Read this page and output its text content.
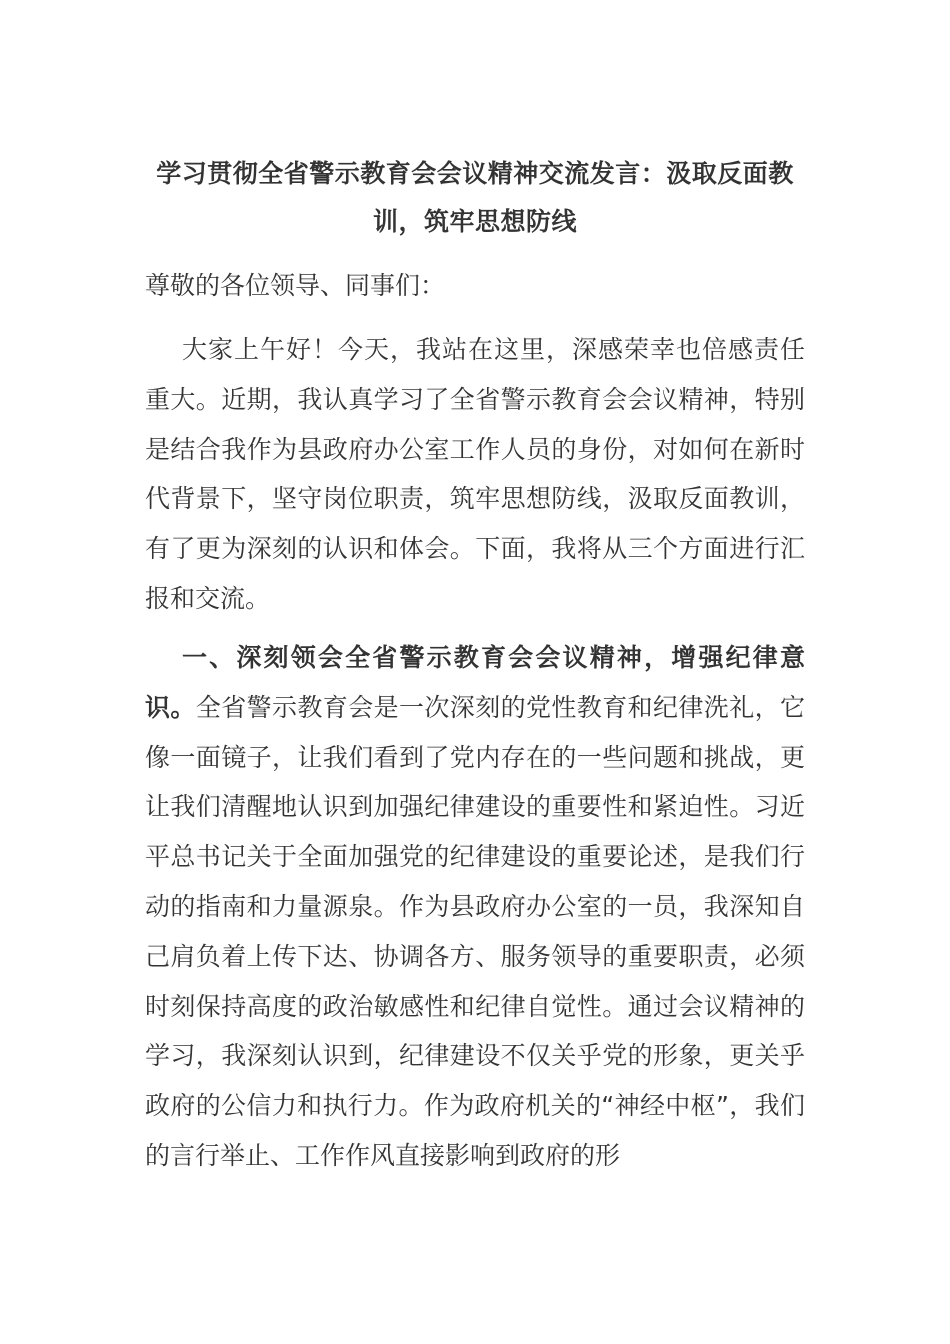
学习贯彻全省警示教育会会议精神交流发言：汲取反面教训，筑牢思想防线
尊敬的各位领导、同事们：
大家上午好！今天，我站在这里，深感荣幸也倍感责任重大。近期，我认真学习了全省警示教育会会议精神，特别是结合我作为县政府办公室工作人员的身份，对如何在新时代背景下，坚守岗位职责，筑牢思想防线，汲取反面教训，有了更为深刻的认识和体会。下面，我将从三个方面进行汇报和交流。
一、深刻领会全省警示教育会会议精神，增强纪律意识。全省警示教育会是一次深刻的党性教育和纪律洗礼，它像一面镜子，让我们看到了党内存在的一些问题和挑战，更让我们清醒地认识到加强纪律建设的重要性和紧迫性。习近平总书记关于全面加强党的纪律建设的重要论述，是我们行动的指南和力量源泉。作为县政府办公室的一员，我深知自己肩负着上传下达、协调各方、服务领导的重要职责，必须时刻保持高度的政治敏感性和纪律自觉性。通过会议精神的学习，我深刻认识到，纪律建设不仅关乎党的形象，更关乎政府的公信力和执行力。作为政府机关的“神经中枢”，我们的言行举止、工作作风直接影响到政府的形
